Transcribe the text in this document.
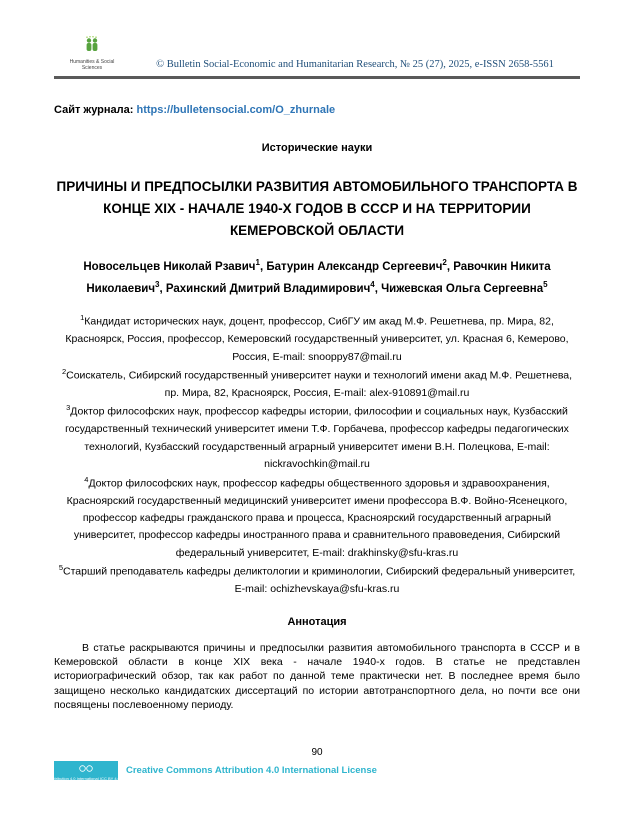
Humanities & Social
Sciences	© Bulletin Social-Economic and Humanitarian Research, № 25 (27), 2025, e-ISSN 2658-5561
Сайт журнала: https://bulletensocial.com/O_zhurnale
Исторические науки
ПРИЧИНЫ И ПРЕДПОСЫЛКИ РАЗВИТИЯ АВТОМОБИЛЬНОГО ТРАНСПОРТА В КОНЦЕ XIX - НАЧАЛЕ 1940-Х ГОДОВ В СССР И НА ТЕРРИТОРИИ КЕМЕРОВСКОЙ ОБЛАСТИ
Новосельцев Николай Рзавич$^1$, Батурин Александр Сергеевич$^2$, Равочкин Никита Николаевич$^3$, Рахинский Дмитрий Владимирович$^4$, Чижевская Ольга Сергеевна$^5$

$^1$Кандидат исторических наук, доцент, профессор, СибГУ им акад М.Ф. Решетнева, пр. Мира, 82, Красноярск, Россия, профессор, Кемеровский государственный университет, ул. Красная 6, Кемерово, Россия, E-mail: snooppy87@mail.ru

$^2$Соискатель, Сибирский государственный университет науки и технологий имени акад М.Ф. Решетнева, пр. Мира, 82, Красноярск, Россия, E-mail: alex-910891@mail.ru

$^3$Доктор философских наук, профессор кафедры истории, философии и социальных наук, Кузбасский государственный технический университет имени Т.Ф. Горбачева, профессор кафедры педагогических технологий, Кузбасский государственный аграрный университет имени В.Н. Полецкова, E-mail: nickravochkin@mail.ru

$^4$Доктор философских наук, профессор кафедры общественного здоровья и здравоохранения, Красноярский государственный медицинский университет имени профессора В.Ф. Войно-Ясенецкого, профессор кафедры гражданского права и процесса, Красноярский государственный аграрный университет, профессор кафедры иностранного права и сравнительного правоведения, Сибирский федеральный университет, E-mail: drakhinsky@sfu-kras.ru

$^5$Старший преподаватель кафедры деликтологии и криминологии, Сибирский федеральный университет, E-mail: ochizhevskaya@sfu-kras.ru

Аннотация
В статье раскрываются причины и предпосылки развития автомобильного транспорта в СССР и в Кемеровской области в конце XIX века - начале 1940-х годов. В статье не представлен историографический обзор, так как работ по данной теме практически нет. В последнее время было защищено несколько кандидатских диссертаций по истории автотранспортного дела, но почти все они посвящены послевоенному периоду.
90
Attribution 4.0 International (CC BY 4.0)
Creative Commons Attribution 4.0 International License
